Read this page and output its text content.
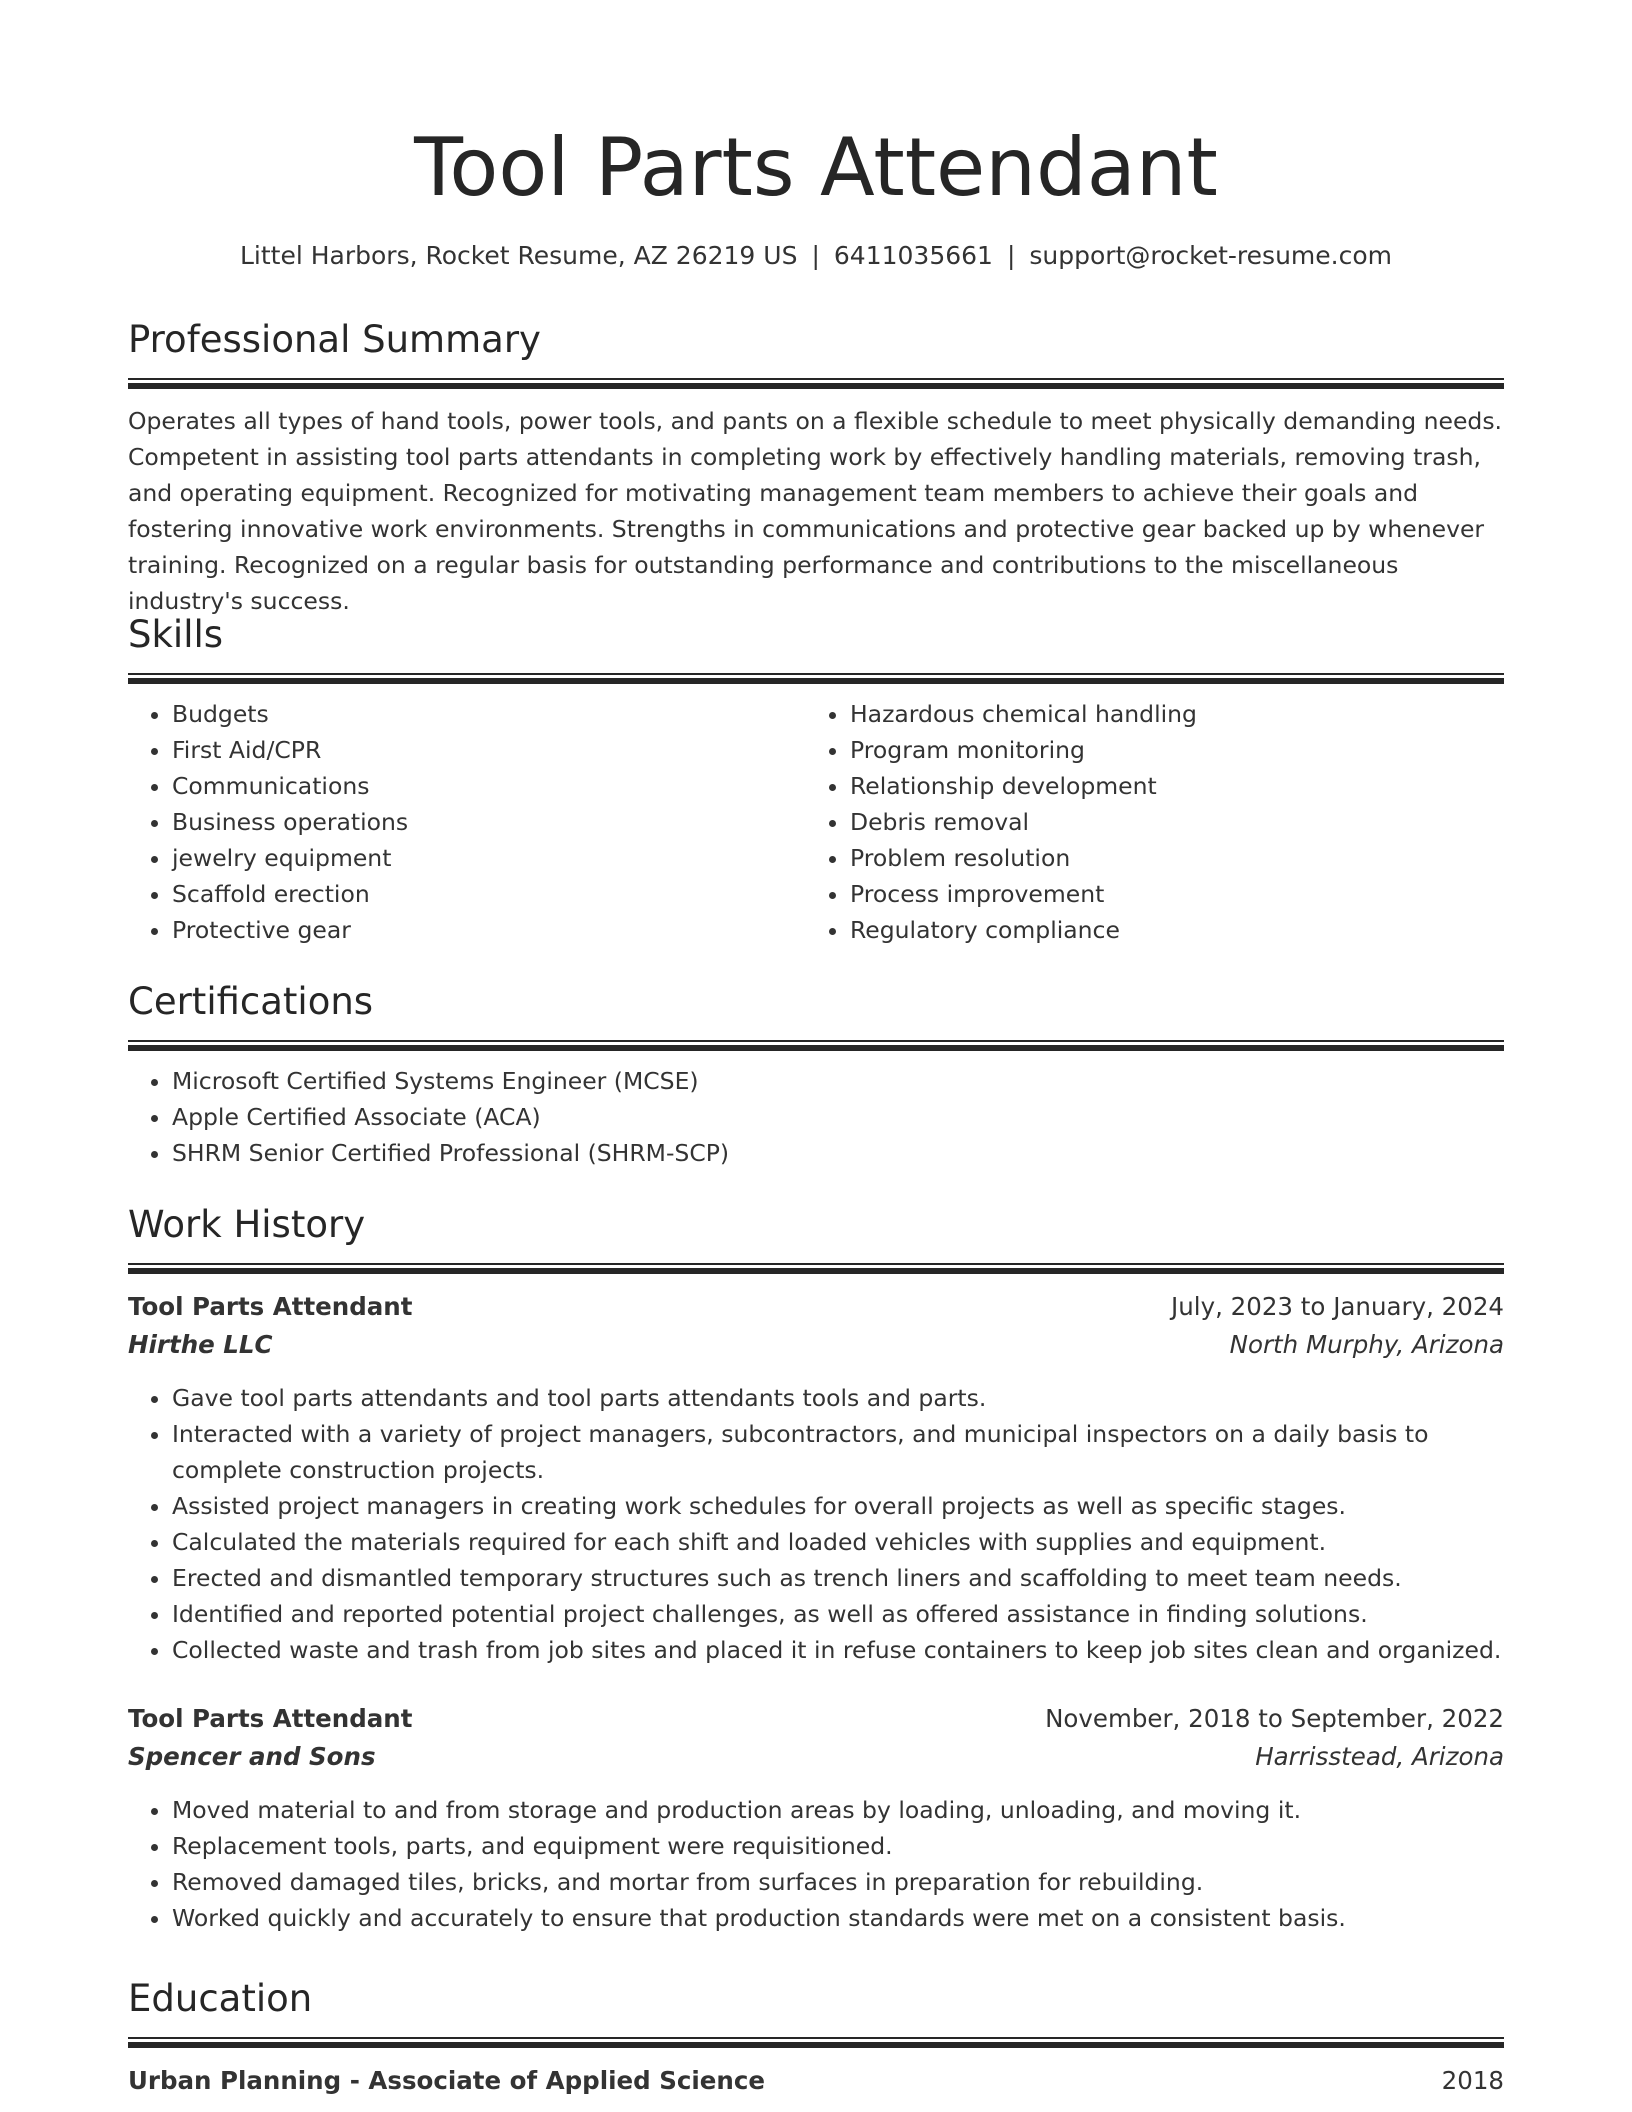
Tool Parts Attendant
Littel Harbors, Rocket Resume, AZ 26219 US | 6411035661 | support@rocket-resume.com
Professional Summary

Operates all types of hand tools, power tools, and pants on a flexible schedule to meet physically demanding needs. Competent in assisting tool parts attendants in completing work by effectively handling materials, removing trash, and operating equipment. Recognized for motivating management team members to achieve their goals and fostering innovative work environments. Strengths in communications and protective gear backed up by whenever training. Recognized on a regular basis for outstanding performance and contributions to the miscellaneous industry's success.

Skills
• Budgets
• First Aid/CPR
• Communications
• Business operations
• jewelry equipment
• Scaffold erection
• Protective gear
• Hazardous chemical handling
• Program monitoring
• Relationship development
• Debris removal
• Problem resolution
• Process improvement
• Regulatory compliance
Certifications
• Microsoft Certified Systems Engineer (MCSE)
• Apple Certified Associate (ACA)
• SHRM Senior Certified Professional (SHRM-SCP)
Work History
Tool Parts Attendant	July, 2023 to January, 2024
Hirthe LLC	North Murphy, Arizona
• Gave tool parts attendants and tool parts attendants tools and parts.
• Interacted with a variety of project managers, subcontractors, and municipal inspectors on a daily basis to complete construction projects.
• Assisted project managers in creating work schedules for overall projects as well as specific stages.
• Calculated the materials required for each shift and loaded vehicles with supplies and equipment.
• Erected and dismantled temporary structures such as trench liners and scaffolding to meet team needs.
• Identified and reported potential project challenges, as well as offered assistance in finding solutions.
• Collected waste and trash from job sites and placed it in refuse containers to keep job sites clean and organized.
Tool Parts Attendant	November, 2018 to September, 2022
Spencer and Sons	Harrisstead, Arizona
• Moved material to and from storage and production areas by loading, unloading, and moving it.
• Replacement tools, parts, and equipment were requisitioned.
• Removed damaged tiles, bricks, and mortar from surfaces in preparation for rebuilding.
• Worked quickly and accurately to ensure that production standards were met on a consistent basis.
Education
Urban Planning - Associate of Applied Science	2018
